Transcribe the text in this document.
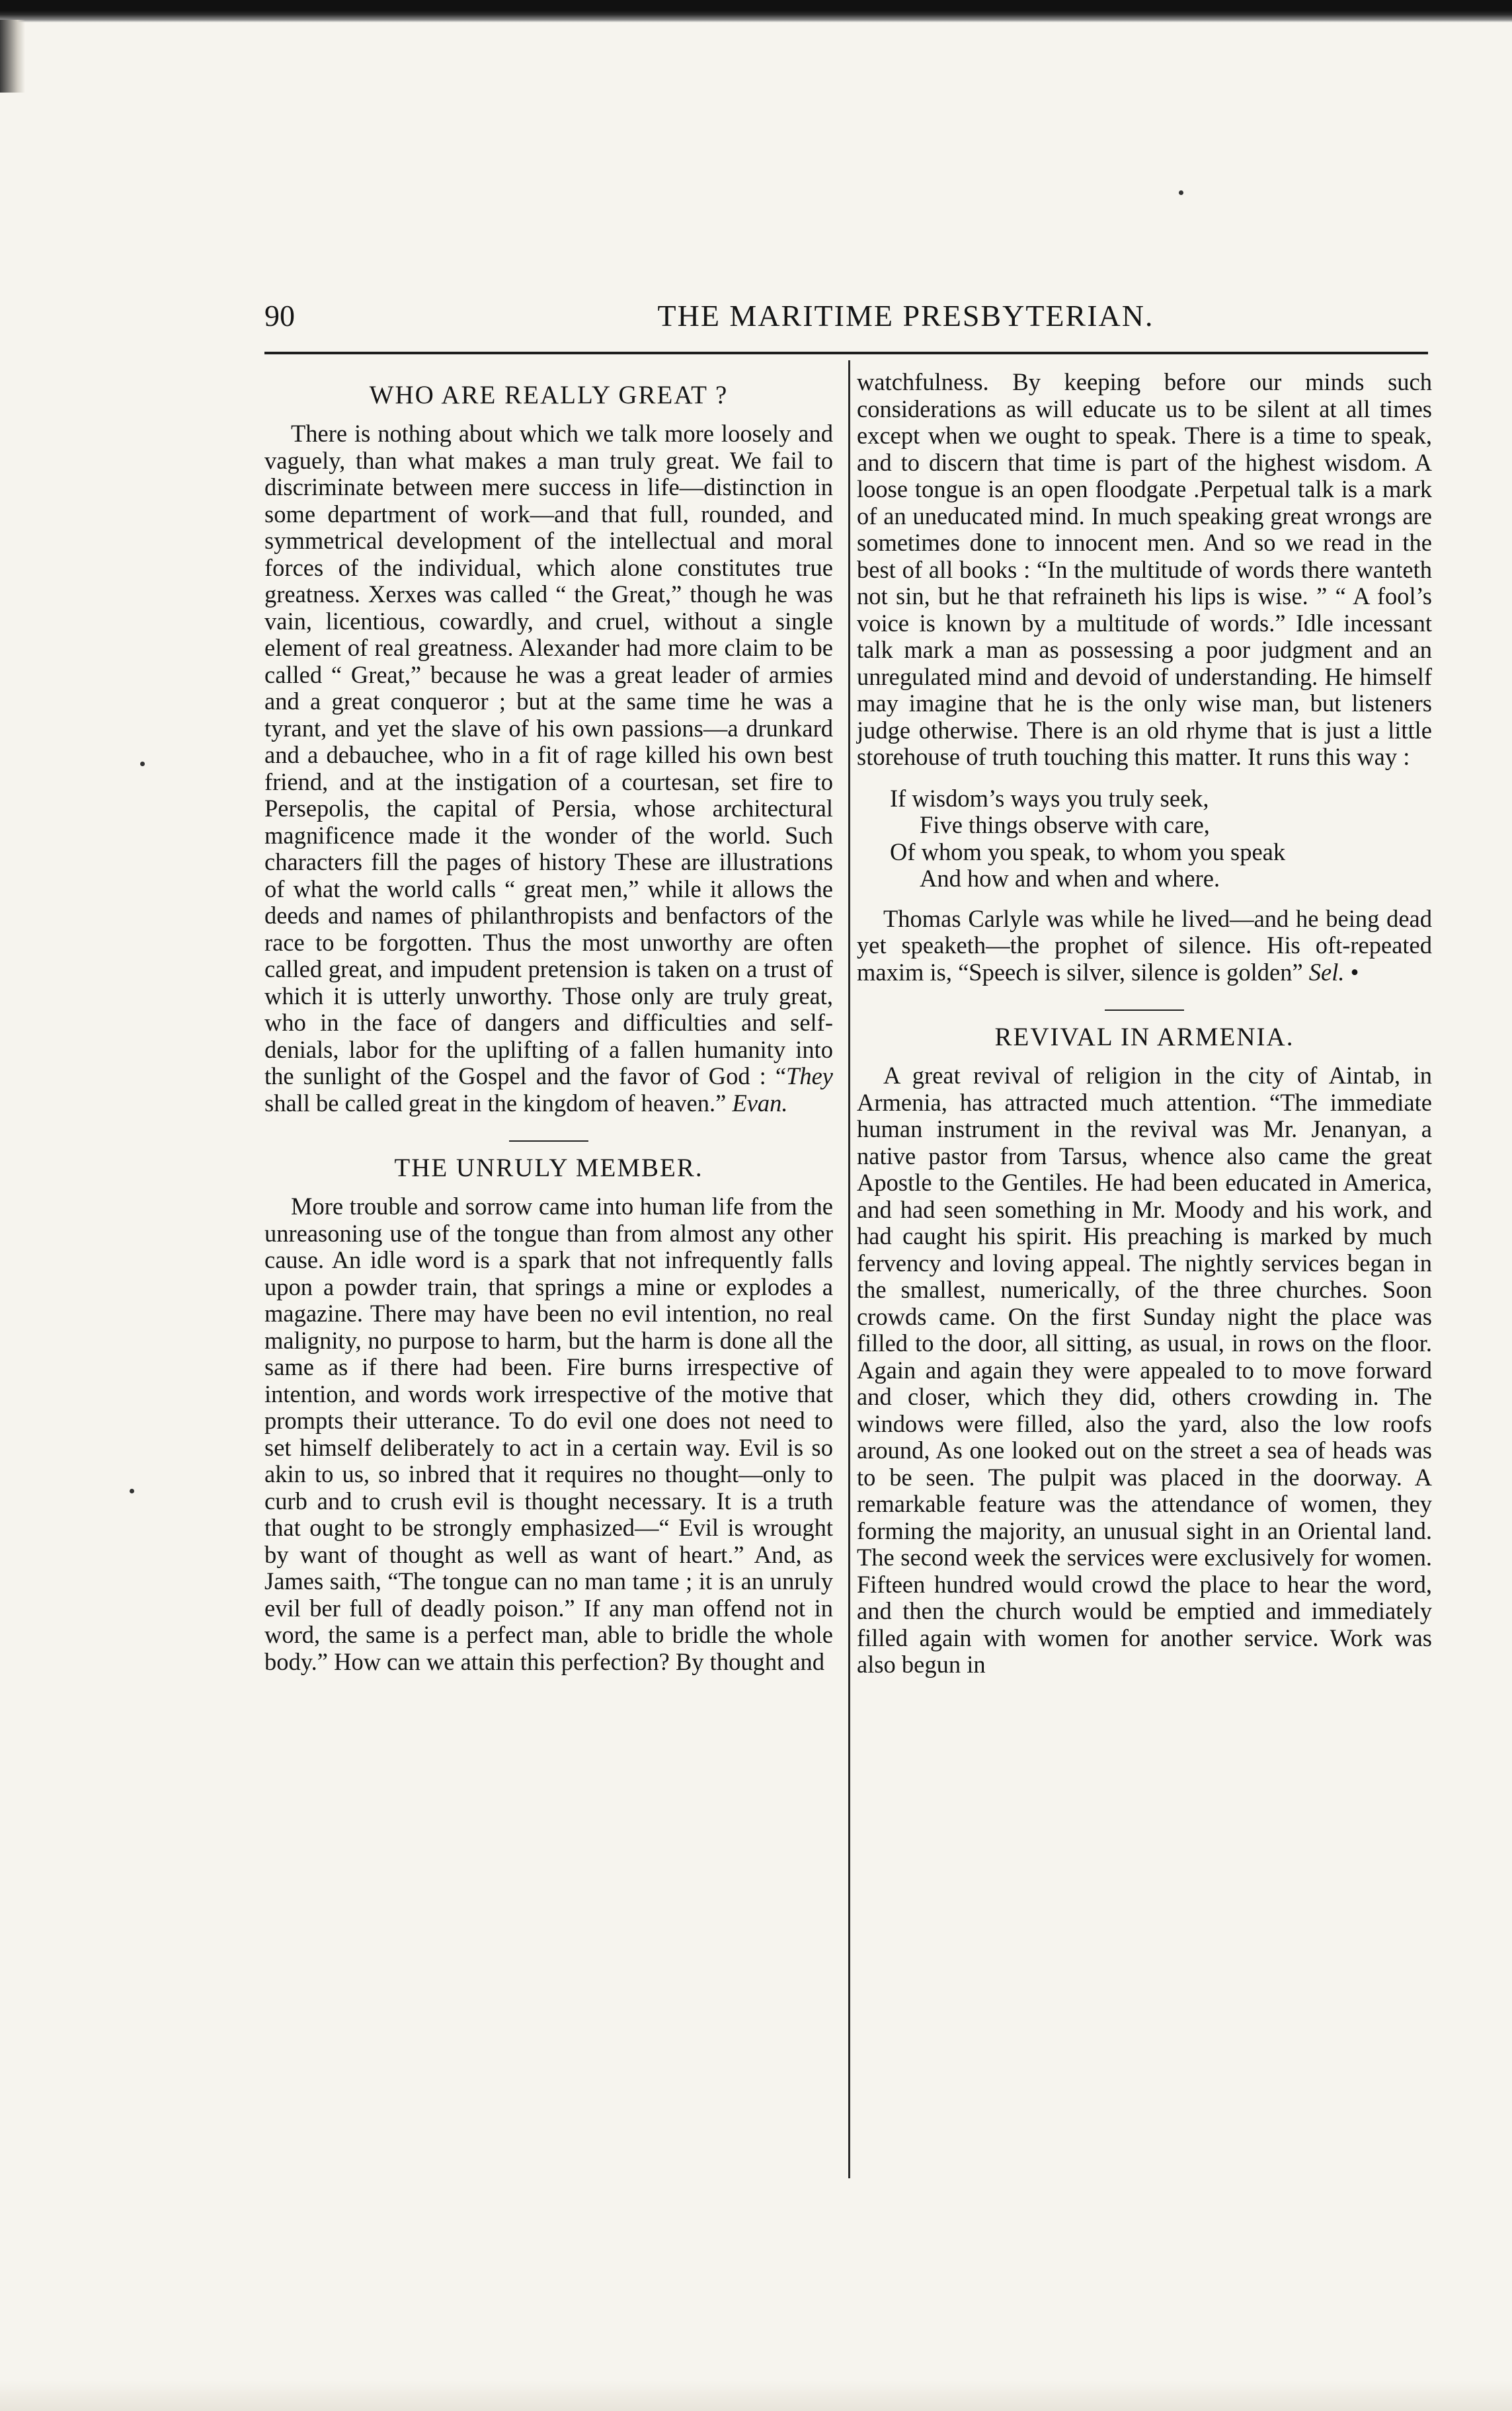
90	THE MARITIME PRESBYTERIAN.
WHO ARE REALLY GREAT ?

There is nothing about which we talk more loosely and vaguely, than what makes a man truly great. We fail to discriminate between mere success in life—distinction in some department of work—and that full, rounded, and symmetrical development of the intellectual and moral forces of the individual, which alone constitutes true greatness. Xerxes was called “ the Great,” though he was vain, licentious, cowardly, and cruel, without a single element of real greatness. Alexander had more claim to be called “ Great,” because he was a great leader of armies and a great conqueror ; but at the same time he was a tyrant, and yet the slave of his own passions—a drunkard and a debauchee, who in a fit of rage killed his own best friend, and at the instigation of a courtesan, set fire to Persepolis, the capital of Persia, whose architectural magnificence made it the wonder of the world. Such characters fill the pages of history These are illustrations of what the world calls “ great men,” while it allows the deeds and names of philanthropists and benfactors of the race to be forgotten. Thus the most unworthy are often called great, and impudent pretension is taken on a trust of which it is utterly unworthy. Those only are truly great, who in the face of dangers and difficulties and self-denials, labor for the uplifting of a fallen humanity into the sunlight of the Gospel and the favor of God : “They shall be called great in the kingdom of heaven.” Evan.

THE UNRULY MEMBER.

More trouble and sorrow came into human life from the unreasoning use of the tongue than from almost any other cause. An idle word is a spark that not infrequently falls upon a powder train, that springs a mine or explodes a magazine. There may have been no evil intention, no real malignity, no purpose to harm, but the harm is done all the same as if there had been. Fire burns irrespective of intention, and words work irrespective of the motive that prompts their utterance. To do evil one does not need to set himself deliberately to act in a certain way. Evil is so akin to us, so inbred that it requires no thought—only to curb and to crush evil is thought necessary. It is a truth that ought to be strongly emphasized—“ Evil is wrought by want of thought as well as want of heart.” And, as James saith, “The tongue can no man tame ; it is an unruly evil ber full of deadly poison.” If any man offend not in word, the same is a perfect man, able to bridle the whole body.” How can we attain this perfection? By thought and

watchfulness. By keeping before our minds such considerations as will educate us to be silent at all times except when we ought to speak. There is a time to speak, and to discern that time is part of the highest wisdom. A loose tongue is an open floodgate .Perpetual talk is a mark of an uneducated mind. In much speaking great wrongs are sometimes done to innocent men. And so we read in the best of all books : “In the multitude of words there wanteth not sin, but he that refraineth his lips is wise. ” “ A fool’s voice is known by a multitude of words.” Idle incessant talk mark a man as possessing a poor judgment and an unregulated mind and devoid of understanding. He himself may imagine that he is the only wise man, but listeners judge otherwise. There is an old rhyme that is just a little storehouse of truth touching this matter. It runs this way :

If wisdom’s ways you truly seek,
Five things observe with care,
Of whom you speak, to whom you speak
And how and when and where.

Thomas Carlyle was while he lived—and he being dead yet speaketh—the prophet of silence. His oft-repeated maxim is, “Speech is silver, silence is golden” Sel. •

REVIVAL IN ARMENIA.

A great revival of religion in the city of Aintab, in Armenia, has attracted much attention. “The immediate human instrument in the revival was Mr. Jenanyan, a native pastor from Tarsus, whence also came the great Apostle to the Gentiles. He had been educated in America, and had seen something in Mr. Moody and his work, and had caught his spirit. His preaching is marked by much fervency and loving appeal. The nightly services began in the smallest, numerically, of the three churches. Soon crowds came. On the first Sunday night the place was filled to the door, all sitting, as usual, in rows on the floor. Again and again they were appealed to to move forward and closer, which they did, others crowding in. The windows were filled, also the yard, also the low roofs around, As one looked out on the street a sea of heads was to be seen. The pulpit was placed in the doorway. A remarkable feature was the attendance of women, they forming the majority, an unusual sight in an Oriental land. The second week the services were exclusively for women. Fifteen hundred would crowd the place to hear the word, and then the church would be emptied and immediately filled again with women for another service. Work was also begun in
